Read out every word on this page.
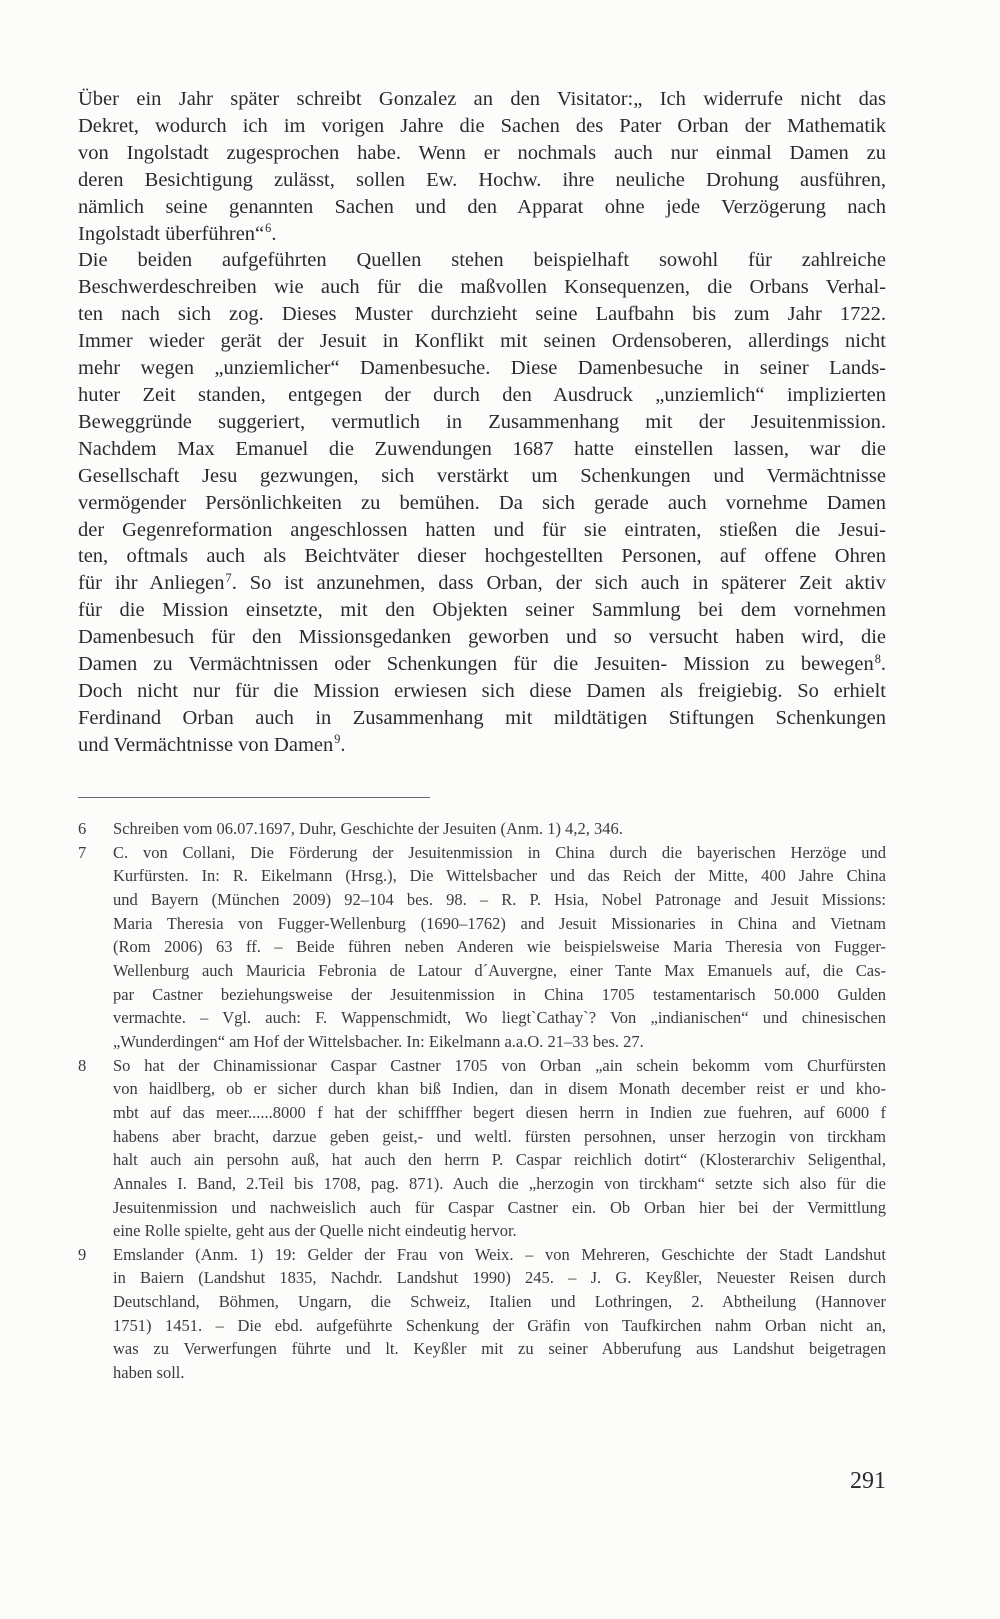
Über ein Jahr später schreibt Gonzalez an den Visitator:„ Ich widerrufe nicht das
Dekret, wodurch ich im vorigen Jahre die Sachen des Pater Orban der Mathematik
von Ingolstadt zugesprochen habe. Wenn er nochmals auch nur einmal Damen zu
deren Besichtigung zulässt, sollen Ew. Hochw. ihre neuliche Drohung ausführen,
nämlich seine genannten Sachen und den Apparat ohne jede Verzögerung nach
Ingolstadt überführen“$^6$.
Die beiden aufgeführten Quellen stehen beispielhaft sowohl für zahlreiche
Beschwerdeschreiben wie auch für die maßvollen Konsequenzen, die Orbans Verhal-
ten nach sich zog. Dieses Muster durchzieht seine Laufbahn bis zum Jahr 1722.
Immer wieder gerät der Jesuit in Konflikt mit seinen Ordensoberen, allerdings nicht
mehr wegen „unziemlicher“ Damenbesuche. Diese Damenbesuche in seiner Lands-
huter Zeit standen, entgegen der durch den Ausdruck „unziemlich“ implizierten
Beweggründe suggeriert, vermutlich in Zusammenhang mit der Jesuitenmission.
Nachdem Max Emanuel die Zuwendungen 1687 hatte einstellen lassen, war die
Gesellschaft Jesu gezwungen, sich verstärkt um Schenkungen und Vermächtnisse
vermögender Persönlichkeiten zu bemühen. Da sich gerade auch vornehme Damen
der Gegenreformation angeschlossen hatten und für sie eintraten, stießen die Jesui-
ten, oftmals auch als Beichtväter dieser hochgestellten Personen, auf offene Ohren
für ihr Anliegen$^7$. So ist anzunehmen, dass Orban, der sich auch in späterer Zeit aktiv
für die Mission einsetzte, mit den Objekten seiner Sammlung bei dem vornehmen
Damenbesuch für den Missionsgedanken geworben und so versucht haben wird, die
Damen zu Vermächtnissen oder Schenkungen für die Jesuiten- Mission zu bewegen$^8$.
Doch nicht nur für die Mission erwiesen sich diese Damen als freigiebig. So erhielt
Ferdinand Orban auch in Zusammenhang mit mildtätigen Stiftungen Schenkungen
und Vermächtnisse von Damen$^9$.
6 Schreiben vom 06.07.1697, Duhr, Geschichte der Jesuiten (Anm. 1) 4,2, 346.
7 C. von Collani, Die Förderung der Jesuitenmission in China durch die bayerischen Herzöge und
Kurfürsten. In: R. Eikelmann (Hrsg.), Die Wittelsbacher und das Reich der Mitte, 400 Jahre China
und Bayern (München 2009) 92–104 bes. 98. – R. P. Hsia, Nobel Patronage and Jesuit Missions:
Maria Theresia von Fugger-Wellenburg (1690–1762) and Jesuit Missionaries in China and Vietnam
(Rom 2006) 63 ff. – Beide führen neben Anderen wie beispielsweise Maria Theresia von Fugger-
Wellenburg auch Mauricia Febronia de Latour d´Auvergne, einer Tante Max Emanuels auf, die Cas-
par Castner beziehungsweise der Jesuitenmission in China 1705 testamentarisch 50.000 Gulden
vermachte. – Vgl. auch: F. Wappenschmidt, Wo liegt`Cathay`? Von „indianischen“ und chinesischen
„Wunderdingen“ am Hof der Wittelsbacher. In: Eikelmann a.a.O. 21–33 bes. 27.
8 So hat der Chinamissionar Caspar Castner 1705 von Orban „ain schein bekomm vom Churfürsten
von haidlberg, ob er sicher durch khan biß Indien, dan in disem Monath december reist er und kho-
mbt auf das meer......8000 f hat der schifffher begert diesen herrn in Indien zue fuehren, auf 6000 f
habens aber bracht, darzue geben geist,- und weltl. fürsten persohnen, unser herzogin von tirckham
halt auch ain persohn auß, hat auch den herrn P. Caspar reichlich dotirt“ (Klosterarchiv Seligenthal,
Annales I. Band, 2.Teil bis 1708, pag. 871). Auch die „herzogin von tirckham“ setzte sich also für die
Jesuitenmission und nachweislich auch für Caspar Castner ein. Ob Orban hier bei der Vermittlung
eine Rolle spielte, geht aus der Quelle nicht eindeutig hervor.
9 Emslander (Anm. 1) 19: Gelder der Frau von Weix. – von Mehreren, Geschichte der Stadt Landshut
in Baiern (Landshut 1835, Nachdr. Landshut 1990) 245. – J. G. Keyßler, Neuester Reisen durch
Deutschland, Böhmen, Ungarn, die Schweiz, Italien und Lothringen, 2. Abtheilung (Hannover
1751) 1451. – Die ebd. aufgeführte Schenkung der Gräfin von Taufkirchen nahm Orban nicht an,
was zu Verwerfungen führte und lt. Keyßler mit zu seiner Abberufung aus Landshut beigetragen
haben soll.
291
